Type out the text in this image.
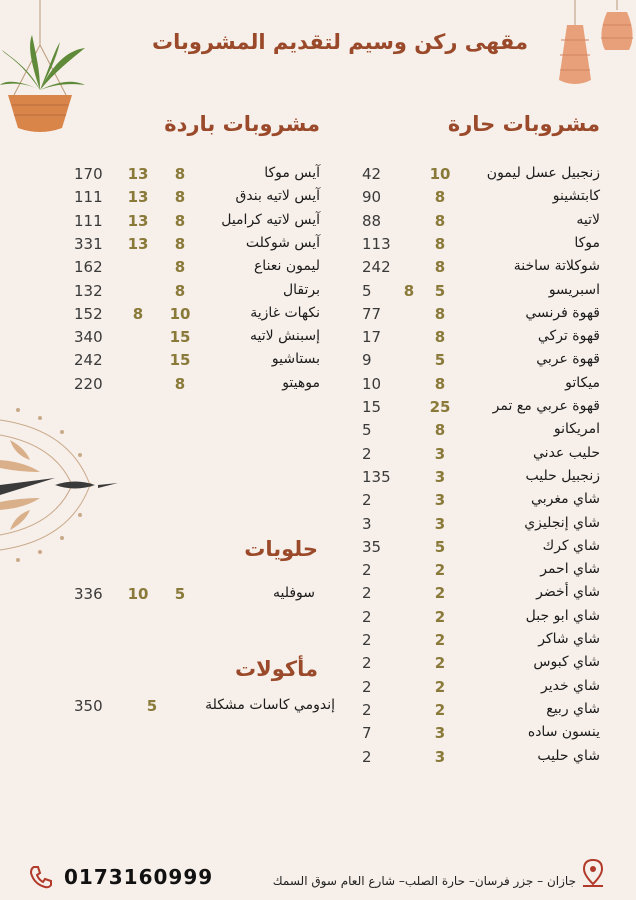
مقهى ركن وسيم لتقديم المشروبات
مشروبات حارة
مشروبات باردة
حلويات
مأكولات
زنجبيل عسل ليمون
10
42
كابتشينو
8
90
لاتيه
8
88
موكا
8
113
شوكلاتة ساخنة
8
242
اسبريسو
5
8
5
قهوة فرنسي
8
77
قهوة تركي
8
17
قهوة عربي
5
9
ميكاتو
8
10
قهوة عربي مع تمر
25
15
امريكانو
8
5
حليب عدني
3
2
زنجبيل حليب
3
135
شاي مغربي
3
2
شاي إنجليزي
3
3
شاي كرك
5
35
شاي احمر
2
2
شاي أخضر
2
2
شاي ابو جبل
2
2
شاي شاكر
2
2
شاي كبوس
2
2
شاي خدير
2
2
شاي ربيع
2
2
ينسون ساده
3
7
شاي حليب
3
2
آيس موكا
8
13
170
آيس لاتيه بندق
8
13
111
آيس لاتيه كراميل
8
13
111
آيس شوكلت
8
13
331
ليمون نعناع
8
162
برتقال
8
132
نكهات غازية
10
8
152
إسبنش لاتيه
15
340
بستاشيو
15
242
موهيتو
8
220
سوفليه
5
10
336
إندومي كاسات مشكلة
5
350
0173160999	جازان – جزر فرسان– حارة الصلب– شارع العام سوق السمك
